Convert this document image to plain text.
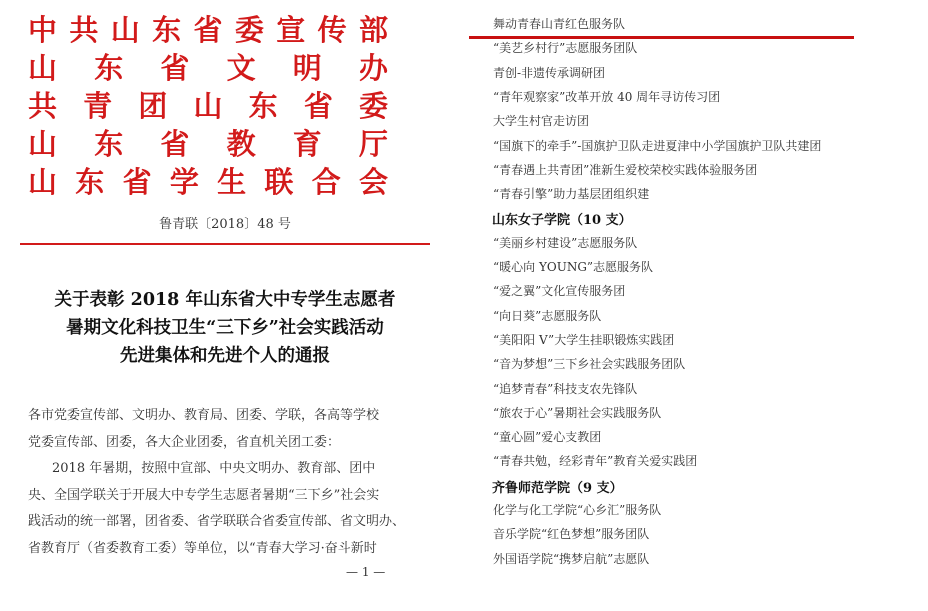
中 共 山 东 省 委 宣 传 部
山 东 省 文 明 办
共 青 团 山 东 省 委
山 东 省 教 育 厅
山 东 省 学 生 联 合 会
鲁青联〔2018〕48 号
关于表彰 2018 年山东省大中专学生志愿者
暑期文化科技卫生“三下乡”社会实践活动
先进集体和先进个人的通报
各市党委宣传部、文明办、教育局、团委、学联，各高等学校
党委宣传部、团委，各大企业团委，省直机关团工委：
2018 年暑期，按照中宣部、中央文明办、教育部、团中
央、全国学联关于开展大中专学生志愿者暑期“三下乡”社会实
践活动的统一部署，团省委、省学联联合省委宣传部、省文明办、
省教育厅（省委教育工委）等单位，以“青春大学习·奋斗新时
— 1 —
舞动青春山青红色服务队
“美艺乡村行”志愿服务团队
青创-非遗传承调研团
“青年观察家”改革开放 40 周年寻访传习团
大学生村官走访团
“国旗下的牵手”-国旗护卫队走进夏津中小学国旗护卫队共建团
“青春遇上共青团”准新生爱校荣校实践体验服务团
“青春引擎”助力基层团组织建
山东女子学院（10 支）
“美丽乡村建设”志愿服务队
“暖心向 YOUNG”志愿服务队
“爱之翼”文化宣传服务团
“向日葵”志愿服务队
“美阳阳 V”大学生挂职锻炼实践团
“音为梦想”三下乡社会实践服务团队
“追梦青春”科技支农先锋队
“旅农于心”暑期社会实践服务队
“童心圆”爱心支教团
“青春共勉，经彩青年”教育关爱实践团
齐鲁师范学院（9 支）
化学与化工学院“心乡汇”服务队
音乐学院“红色梦想”服务团队
外国语学院“携梦启航”志愿队
